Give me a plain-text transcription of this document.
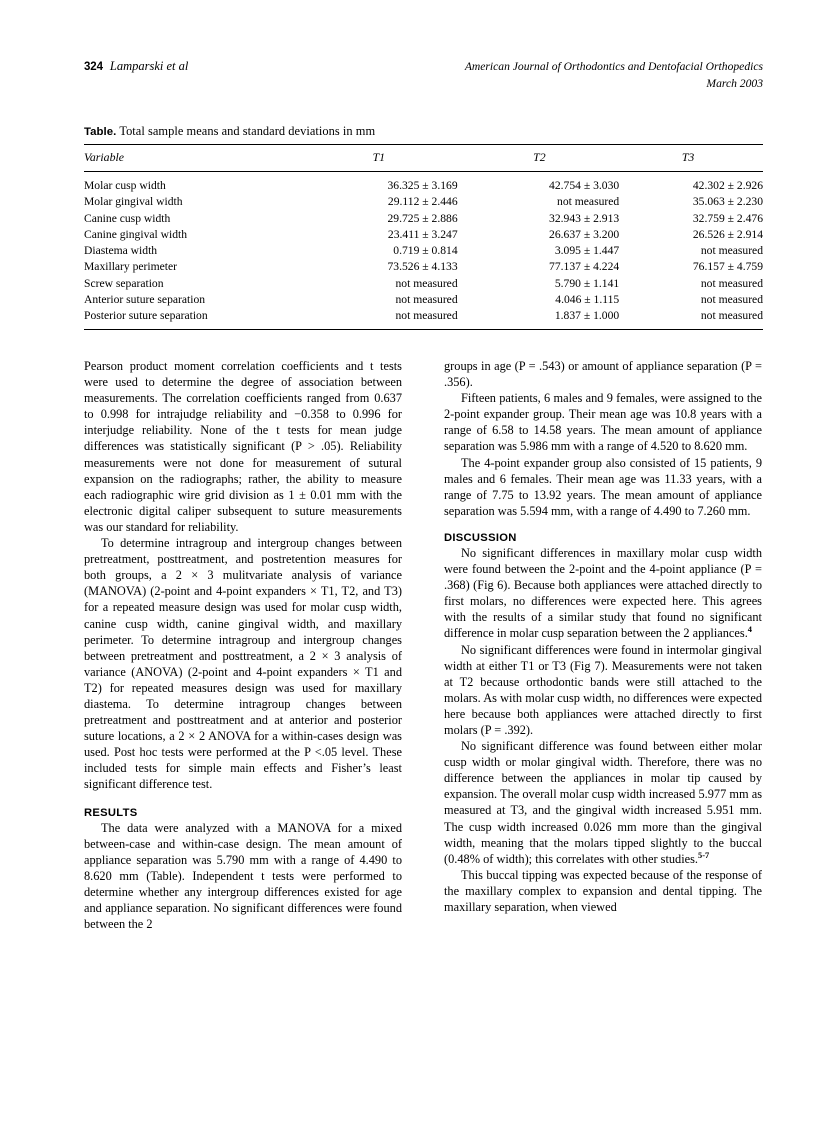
324 Lamparski et al	American Journal of Orthodontics and Dentofacial Orthopedics
March 2003
Table. Total sample means and standard deviations in mm
Variable	T1	T2	T3
Molar cusp width	36.325 ± 3.169	42.754 ± 3.030	42.302 ± 2.926
Molar gingival width	29.112 ± 2.446	not measured	35.063 ± 2.230
Canine cusp width	29.725 ± 2.886	32.943 ± 2.913	32.759 ± 2.476
Canine gingival width	23.411 ± 3.247	26.637 ± 3.200	26.526 ± 2.914
Diastema width	0.719 ± 0.814	3.095 ± 1.447	not measured
Maxillary perimeter	73.526 ± 4.133	77.137 ± 4.224	76.157 ± 4.759
Screw separation	not measured	5.790 ± 1.141	not measured
Anterior suture separation	not measured	4.046 ± 1.115	not measured
Posterior suture separation	not measured	1.837 ± 1.000	not measured

Pearson product moment correlation coefficients and t tests were used to determine the degree of association between measurements. The correlation coefficients ranged from 0.637 to 0.998 for intrajudge reliability and −0.358 to 0.996 for interjudge reliability. None of the t tests for mean judge differences was statistically significant (P > .05). Reliability measurements were not done for measurement of sutural expansion on the radiographs; rather, the ability to measure each radiographic wire grid division as 1 ± 0.01 mm with the electronic digital caliper subsequent to suture measurements was our standard for reliability.

To determine intragroup and intergroup changes between pretreatment, posttreatment, and postretention measures for both groups, a 2 × 3 mulitvariate analysis of variance (MANOVA) (2-point and 4-point expanders × T1, T2, and T3) for a repeated measure design was used for molar cusp width, canine cusp width, canine gingival width, and maxillary perimeter. To determine intragroup and intergroup changes between pretreatment and posttreatment, a 2 × 3 analysis of variance (ANOVA) (2-point and 4-point expanders × T1 and T2) for repeated measures design was used for maxillary diastema. To determine intragroup changes between pretreatment and posttreatment and at anterior and posterior suture locations, a 2 × 2 ANOVA for a within-cases design was used. Post hoc tests were performed at the P <.05 level. These included tests for simple main effects and Fisher’s least significant difference test.

RESULTS

The data were analyzed with a MANOVA for a mixed between-case and within-case design. The mean amount of appliance separation was 5.790 mm with a range of 4.490 to 8.620 mm (Table). Independent t tests were performed to determine whether any intergroup differences existed for age and appliance separation. No significant differences were found between the 2

groups in age (P = .543) or amount of appliance separation (P = .356).

Fifteen patients, 6 males and 9 females, were assigned to the 2-point expander group. Their mean age was 10.8 years with a range of 6.58 to 14.58 years. The mean amount of appliance separation was 5.986 mm with a range of 4.520 to 8.620 mm.

The 4-point expander group also consisted of 15 patients, 9 males and 6 females. Their mean age was 11.33 years, with a range of 7.75 to 13.92 years. The mean amount of appliance separation was 5.594 mm, with a range of 4.490 to 7.260 mm.

DISCUSSION

No significant differences in maxillary molar cusp width were found between the 2-point and the 4-point appliance (P = .368) (Fig 6). Because both appliances were attached directly to first molars, no differences were expected here. This agrees with the results of a similar study that found no significant difference in molar cusp separation between the 2 appliances.$^4$

No significant differences were found in intermolar gingival width at either T1 or T3 (Fig 7). Measurements were not taken at T2 because orthodontic bands were still attached to the molars. As with molar cusp width, no differences were expected here because both appliances were attached directly to first molars (P = .392).

No significant difference was found between either molar cusp width or molar gingival width. Therefore, there was no difference between the appliances in molar tip caused by expansion. The overall molar cusp width increased 5.977 mm as measured at T3, and the gingival width increased 5.951 mm. The cusp width increased 0.026 mm more than the gingival width, meaning that the molars tipped slightly to the buccal (0.48% of width); this correlates with other studies.$^{5-7}$

This buccal tipping was expected because of the response of the maxillary complex to expansion and dental tipping. The maxillary separation, when viewed
